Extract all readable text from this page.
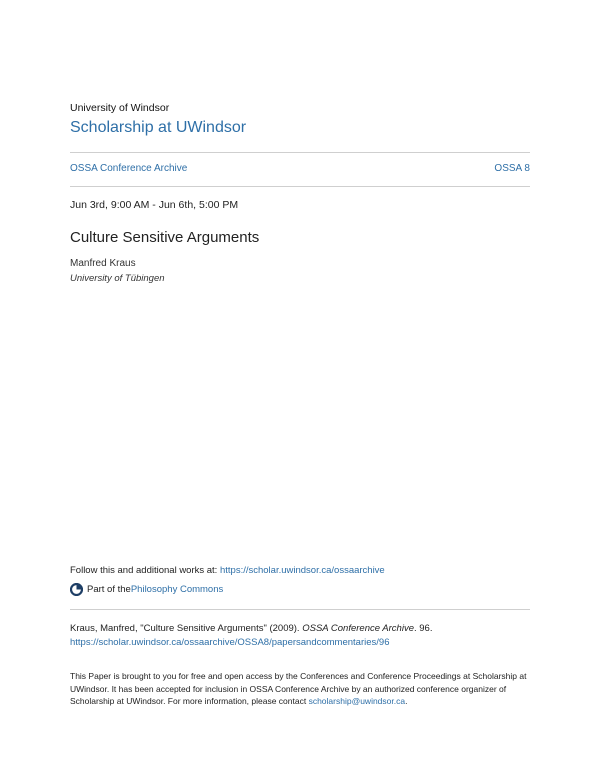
University of Windsor
Scholarship at UWindsor
OSSA Conference Archive	OSSA 8
Jun 3rd, 9:00 AM - Jun 6th, 5:00 PM
Culture Sensitive Arguments
Manfred Kraus
University of Tübingen
Follow this and additional works at: https://scholar.uwindsor.ca/ossaarchive
Part of the Philosophy Commons
Kraus, Manfred, "Culture Sensitive Arguments" (2009). OSSA Conference Archive. 96.
https://scholar.uwindsor.ca/ossaarchive/OSSA8/papersandcommentaries/96
This Paper is brought to you for free and open access by the Conferences and Conference Proceedings at Scholarship at UWindsor. It has been accepted for inclusion in OSSA Conference Archive by an authorized conference organizer of Scholarship at UWindsor. For more information, please contact scholarship@uwindsor.ca.
